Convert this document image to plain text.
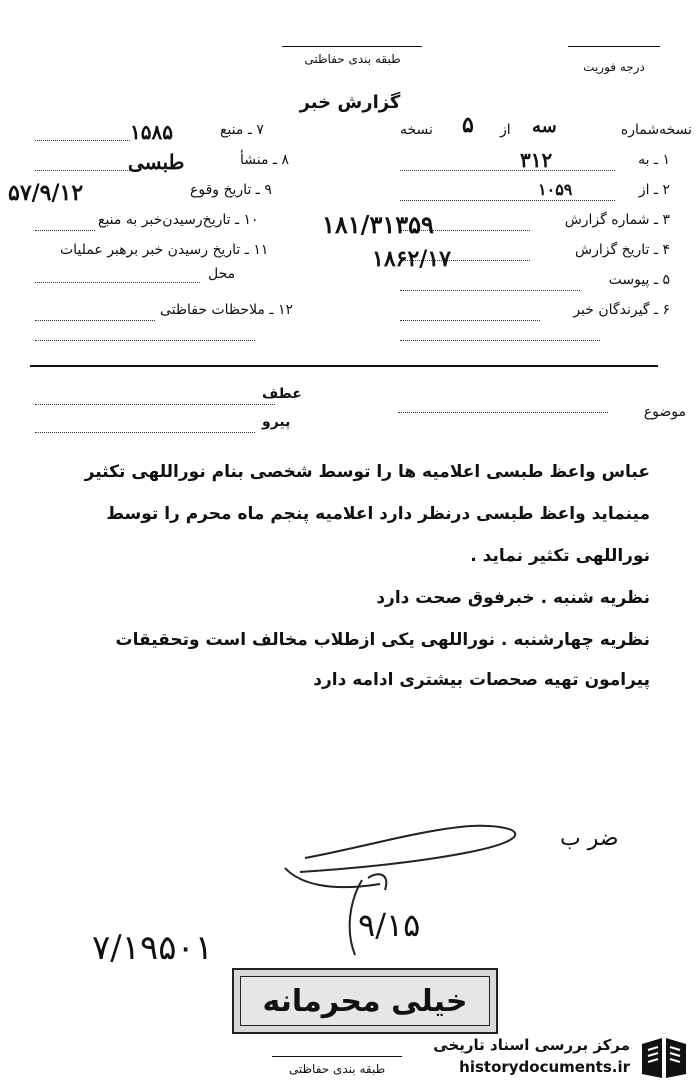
طبقه بندی حفاظتی
درجه فوریت
گزارش خبر
نسخه‌شماره
سه
از
۵
نسخه
۱ ـ به
۳۱۲
۲ ـ از
۱۰۵۹
۳ ـ شماره گزارش
۱۸۱/۳۱۳۵۹
۴ ـ تاریخ گزارش
۱۸۶۲/۱۷
۵ ـ پیوست
۶ ـ گیرندگان خبر
۷ ـ منبع
۱۵۸۵
۸ ـ منشأ
طبسی
۹ ـ تاریخ وقوع
۵۷/۹/۱۲
۱۰ ـ تاریخ‌رسیدن‌خبر به منبع
۱۱ ـ تاریخ رسیدن خبر برهبر عملیات
محل
۱۲ ـ ملاحظات حفاظتی
عطف
موضوع
پیرو
عباس واعظ طبسی اعلامیه ها را توسط شخصی بنام نوراللهی تکثیر
مینماید واعظ طبسی درنظر دارد اعلامیه پنجم ماه محرم را توسط
نوراللهی تکثیر نماید .
نظریه شنبه . خبرفوق صحت دارد
نظریه چهارشنبه . نوراللهی یکی ازطلاب مخالف است وتحقیقات
پیرامون تهیه صحصات بیشتری ادامه دارد
ضر ب
۹/۱۵
۷/۱۹۵۰۱
خیلی محرمانه
طبقه بندی حفاظتی
مرکز بررسی اسناد تاریخی
historydocuments.ir
